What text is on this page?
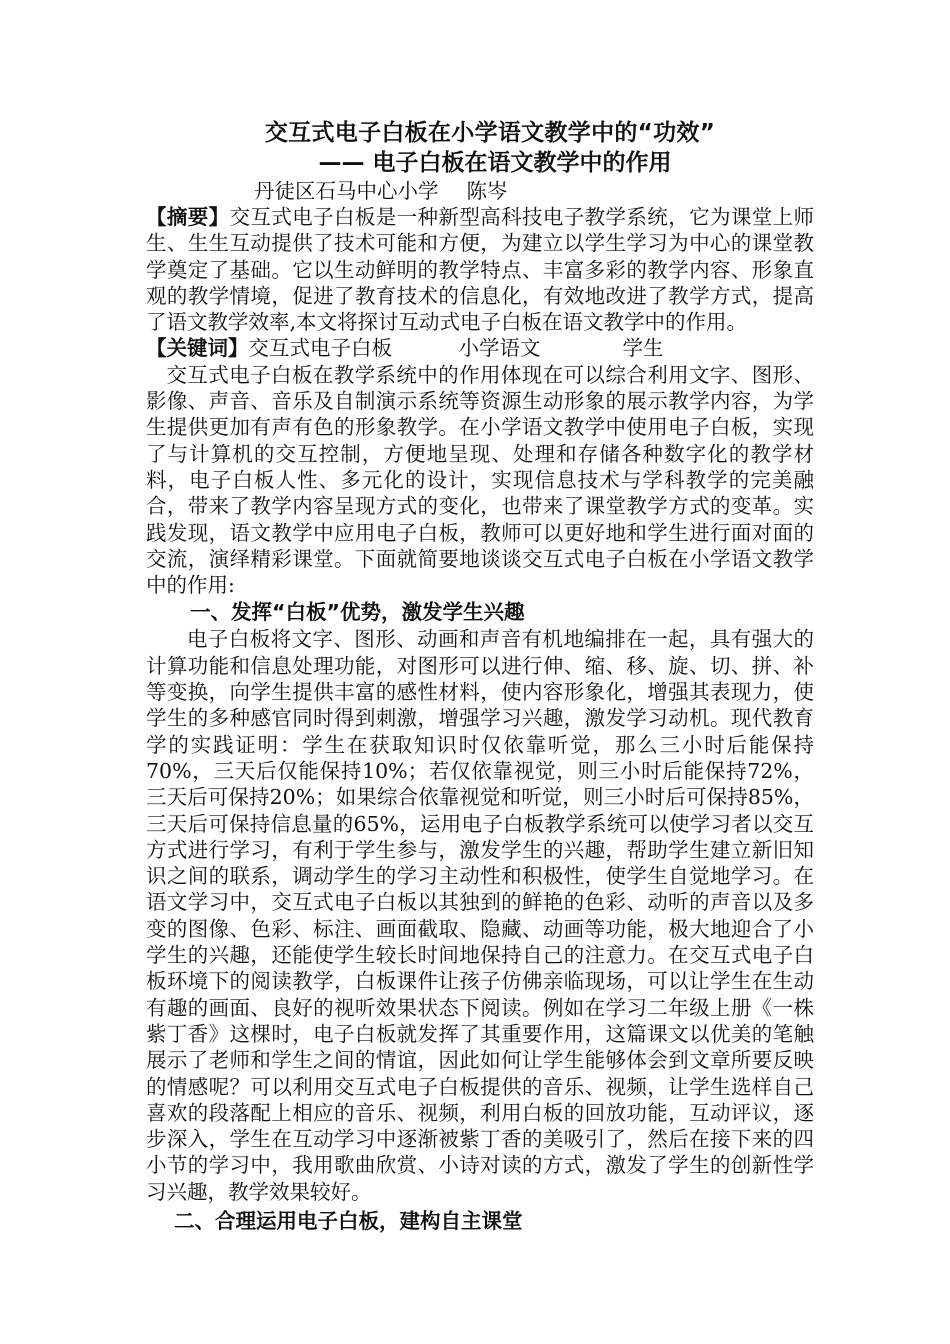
交互式电子白板在小学语文教学中的“功效”
—— 电子白板在语文教学中的作用
丹徒区石马中心小学 陈岑

【摘要】交互式电子白板是一种新型高科技电子教学系统，它为课堂上师生、生生互动提供了技术可能和方便，为建立以学生学习为中心的课堂教学奠定了基础。它以生动鲜明的教学特点、丰富多彩的教学内容、形象直观的教学情境，促进了教育技术的信息化，有效地改进了教学方式，提高了语文教学效率,本文将探讨互动式电子白板在语文教学中的作用。

【关键词】交互式电子白板	小学语文	学生

交互式电子白板在教学系统中的作用体现在可以综合利用文字、图形、影像、声音、音乐及自制演示系统等资源生动形象的展示教学内容，为学生提供更加有声有色的形象教学。在小学语文教学中使用电子白板，实现了与计算机的交互控制，方便地呈现、处理和存储各种数字化的教学材料，电子白板人性、多元化的设计，实现信息技术与学科教学的完美融合，带来了教学内容呈现方式的变化，也带来了课堂教学方式的变革。实践发现，语文教学中应用电子白板，教师可以更好地和学生进行面对面的交流，演绎精彩课堂。下面就简要地谈谈交互式电子白板在小学语文教学中的作用:

一、发挥“白板”优势，激发学生兴趣

电子白板将文字、图形、动画和声音有机地编排在一起，具有强大的计算功能和信息处理功能，对图形可以进行伸、缩、移、旋、切、拼、补等变换，向学生提供丰富的感性材料，使内容形象化，增强其表现力，使学生的多种感官同时得到刺激，增强学习兴趣，激发学习动机。现代教育学的实践证明：学生在获取知识时仅依靠听觉，那么三小时后能保持70%，三天后仅能保持10%；若仅依靠视觉，则三小时后能保持72%，三天后可保持20%；如果综合依靠视觉和听觉，则三小时后可保持85%，三天后可保持信息量的65%，运用电子白板教学系统可以使学习者以交互方式进行学习，有利于学生参与，激发学生的兴趣，帮助学生建立新旧知识之间的联系，调动学生的学习主动性和积极性，使学生自觉地学习。在语文学习中，交互式电子白板以其独到的鲜艳的色彩、动听的声音以及多变的图像、色彩、标注、画面截取、隐藏、动画等功能，极大地迎合了小学生的兴趣，还能使学生较长时间地保持自己的注意力。在交互式电子白板环境下的阅读教学，白板课件让孩子仿佛亲临现场，可以让学生在生动有趣的画面、良好的视听效果状态下阅读。例如在学习二年级上册《一株紫丁香》这棵时，电子白板就发挥了其重要作用，这篇课文以优美的笔触展示了老师和学生之间的情谊，因此如何让学生能够体会到文章所要反映的情感呢？可以利用交互式电子白板提供的音乐、视频，让学生选样自己喜欢的段落配上相应的音乐、视频，利用白板的回放功能，互动评议，逐步深入，学生在互动学习中逐渐被紫丁香的美吸引了，然后在接下来的四小节的学习中，我用歌曲欣赏、小诗对读的方式，激发了学生的创新性学习兴趣，教学效果较好。

二、合理运用电子白板，建构自主课堂
